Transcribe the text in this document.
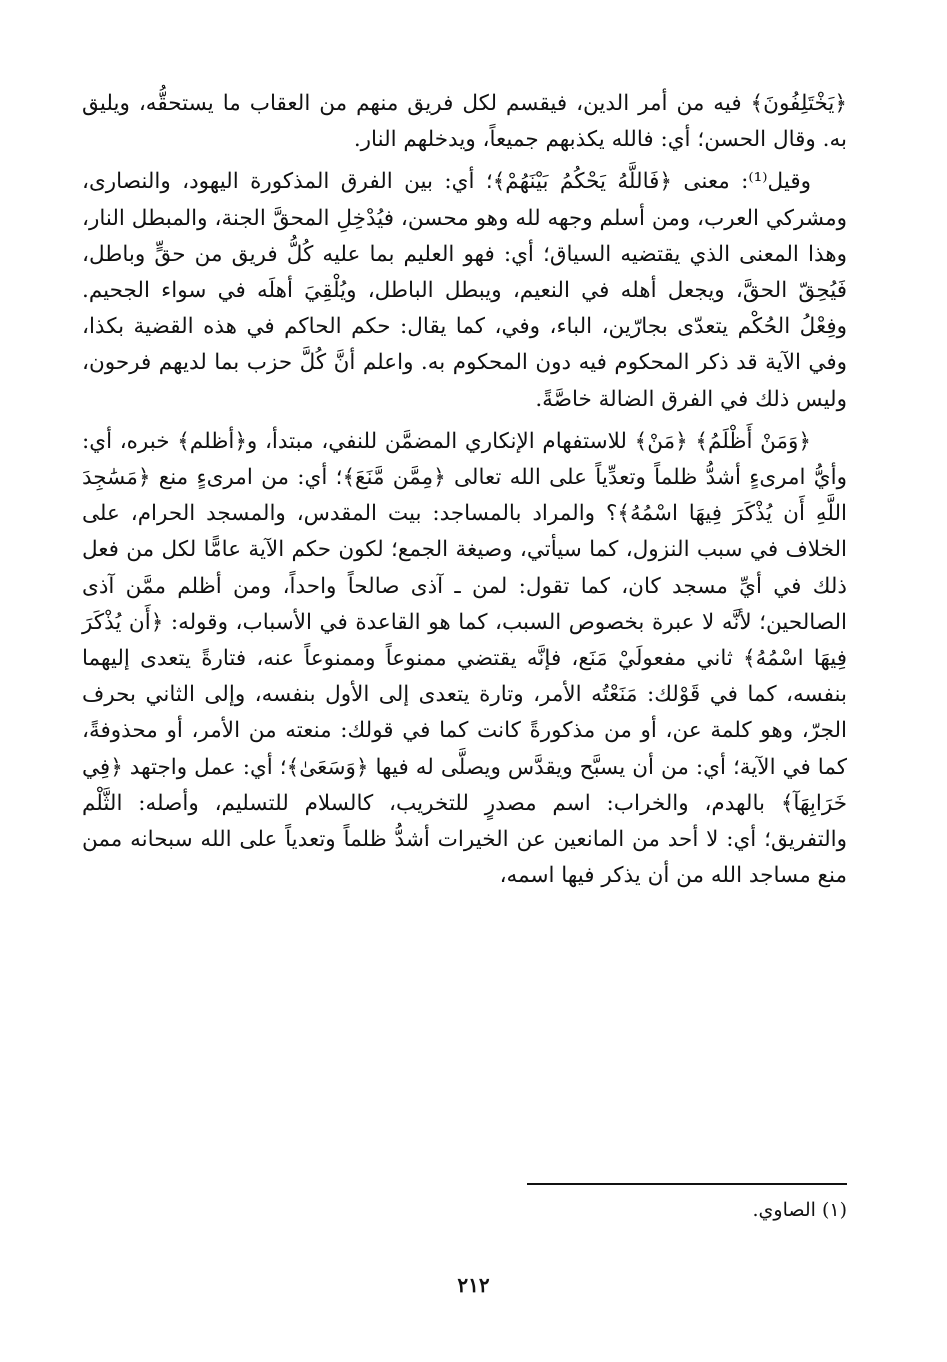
﴿يَخْتَلِفُونَ﴾ فيه من أمر الدين، فيقسم لكل فريق منهم من العقاب ما يستحقُّه، ويليق به. وقال الحسن؛ أي: فالله يكذبهم جميعاً، ويدخلهم النار.

وقيل⁽¹⁾: معنى ﴿فَاللَّهُ يَحْكُمُ بَيْنَهُمْ﴾؛ أي: بين الفرق المذكورة اليهود، والنصارى، ومشركي العرب، ومن أسلم وجهه لله وهو محسن، فيُدْخِلِ المحقَّ الجنة، والمبطل النار، وهذا المعنى الذي يقتضيه السياق؛ أي: فهو العليم بما عليه كُلُّ فريق من حقٍّ وباطل، فَيُحِقّ الحقَّ، ويجعل أهله في النعيم، ويبطل الباطل، ويُلْقِيَ أهلَه في سواء الجحيم. وفِعْلُ الحُكْم يتعدّى بجارّين، الباء، وفي، كما يقال: حكم الحاكم في هذه القضية بكذا، وفي الآية قد ذكر المحكوم فيه دون المحكوم به. واعلم أنَّ كُلَّ حزب بما لديهم فرحون، وليس ذلك في الفرق الضالة خاصَّةً.

﴿وَمَنْ أَظْلَمُ﴾ ﴿مَنْ﴾ للاستفهام الإنكاري المضمَّن للنفي، مبتدأ، و﴿أظلم﴾ خبره، أي: وأيُّ امرىءٍ أشدُّ ظلماً وتعدِّياً على الله تعالى ﴿مِمَّن مَّنَعَ﴾؛ أي: من امرىءٍ منع ﴿مَسَٰجِدَ اللَّهِ أَن يُذْكَرَ فِيهَا اسْمُهُ﴾؟ والمراد بالمساجد: بيت المقدس، والمسجد الحرام، على الخلاف في سبب النزول، كما سيأتي، وصيغة الجمع؛ لكون حكم الآية عامًّا لكل من فعل ذلك في أيِّ مسجد كان، كما تقول: لمن ـ آذى صالحاً واحداً، ومن أظلم ممَّن آذى الصالحين؛ لأنَّه لا عبرة بخصوص السبب، كما هو القاعدة في الأسباب، وقوله: ﴿أَن يُذْكَرَ فِيهَا اسْمُهُ﴾ ثاني مفعولَيْ مَنَع، فإنَّه يقتضي ممنوعاً وممنوعاً عنه، فتارةً يتعدى إليهما بنفسه، كما في قَوْلك: مَنَعْتُه الأمر، وتارة يتعدى إلى الأول بنفسه، وإلى الثاني بحرف الجرّ، وهو كلمة عن، أو من مذكورةً كانت كما في قولك: منعته من الأمر، أو محذوفةً، كما في الآية؛ أي: من أن يسبَّح ويقدَّس ويصلَّى له فيها ﴿وَسَعَىٰ﴾؛ أي: عمل واجتهد ﴿فِي خَرَابِهَآ﴾ بالهدم، والخراب: اسم مصدرٍ للتخريب، كالسلام للتسليم، وأصله: الثَّلْم والتفريق؛ أي: لا أحد من المانعين عن الخيرات أشدُّ ظلماً وتعدياً على الله سبحانه ممن منع مساجد الله من أن يذكر فيها اسمه،

(١) الصاوي.
٢١٢
